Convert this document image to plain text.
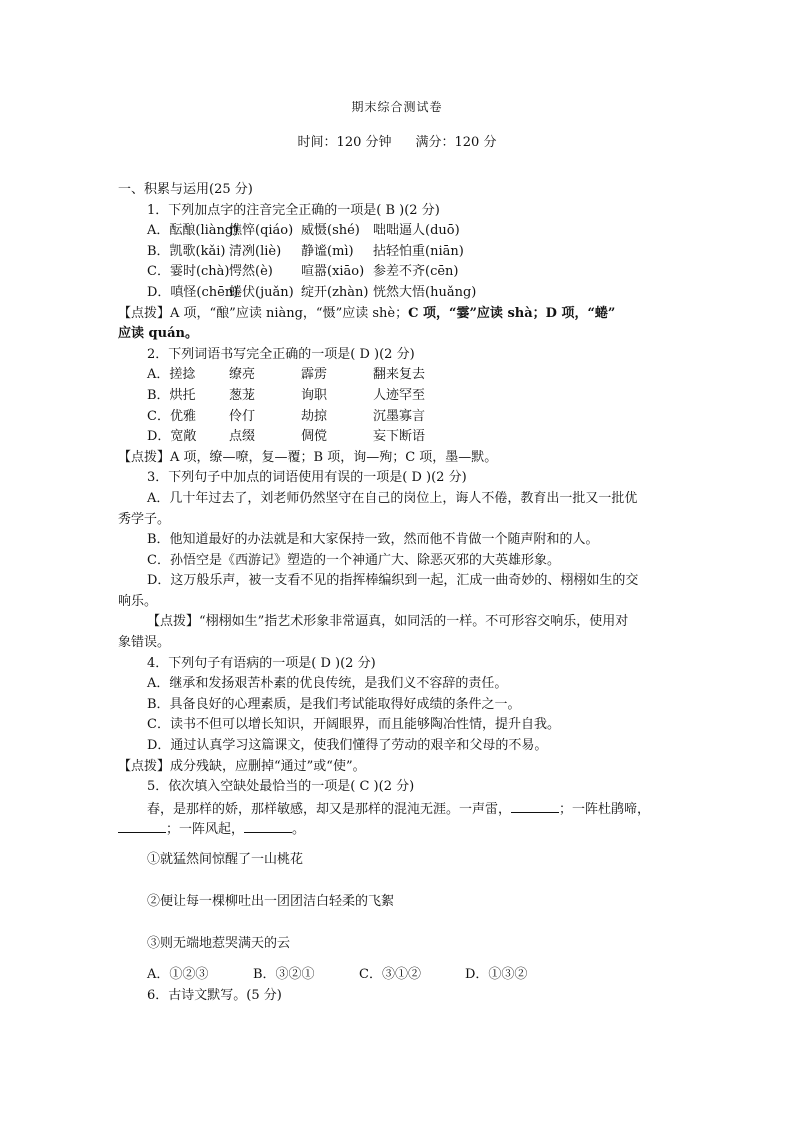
期末综合测试卷
时间：120 分钟 满分：120 分
一、积累与运用(25 分)
1．下列加点字的注音完全正确的一项是( B )(2 分)
A．酝酿(liàng)憔悴(qiáo) 威慑(shé) 咄咄逼人(duō)
B．凯歌(kǎi) 清冽(liè) 静谧(mì) 拈轻怕重(niān)
C．霎时(chà)愕然(è) 喧嚣(xiāo) 参差不齐(cēn)
D．嗔怪(chēn)蜷伏(juǎn) 绽开(zhàn) 恍然大悟(huǎng)
【点拨】A 项，“酿”应读 niàng，“慑”应读 shè；C 项，“霎”应读 shà；D 项，“蜷”
应读 quán。
2．下列词语书写完全正确的一项是( D )(2 分)
A．搓捻	缭亮	霹雳	翻来复去
B．烘托	葱茏	询职	人迹罕至
C．优雅	伶仃	劫掠	沉墨寡言
D．宽敞	点缀	倜傥	妄下断语
【点拨】A 项，缭—嘹，复—覆；B 项，询—殉；C 项，墨—默。
3．下列句子中加点的词语使用有误的一项是( D )(2 分)
A．几十年过去了，刘老师仍然坚守在自己的岗位上，诲人不倦，教育出一批又一批优
秀学子。
B．他知道最好的办法就是和大家保持一致，然而他不肯做一个随声附和的人。
C．孙悟空是《西游记》塑造的一个神通广大、除恶灭邪的大英雄形象。
D．这万般乐声，被一支看不见的指挥棒编织到一起，汇成一曲奇妙的、栩栩如生的交
响乐。
【点拨】“栩栩如生”指艺术形象非常逼真，如同活的一样。不可形容交响乐，使用对
象错误。
4．下列句子有语病的一项是( D )(2 分)
A．继承和发扬艰苦朴素的优良传统，是我们义不容辞的责任。
B．具备良好的心理素质，是我们考试能取得好成绩的条件之一。
C．读书不但可以增长知识，开阔眼界，而且能够陶冶性情，提升自我。
D．通过认真学习这篇课文，使我们懂得了劳动的艰辛和父母的不易。
【点拨】成分残缺，应删掉“通过”或“使”。
5．依次填入空缺处最恰当的一项是( C )(2 分)
春，是那样的娇，那样敏感，却又是那样的混沌无涯。一声雷，	；一阵杜鹃啼，
；一阵风起，	。
①就猛然间惊醒了一山桃花
②便让每一棵柳吐出一团团洁白轻柔的飞絮
③则无端地惹哭满天的云
A．①②③	B．③②①	C．③①②	D．①③②
6．古诗文默写。(5 分)
